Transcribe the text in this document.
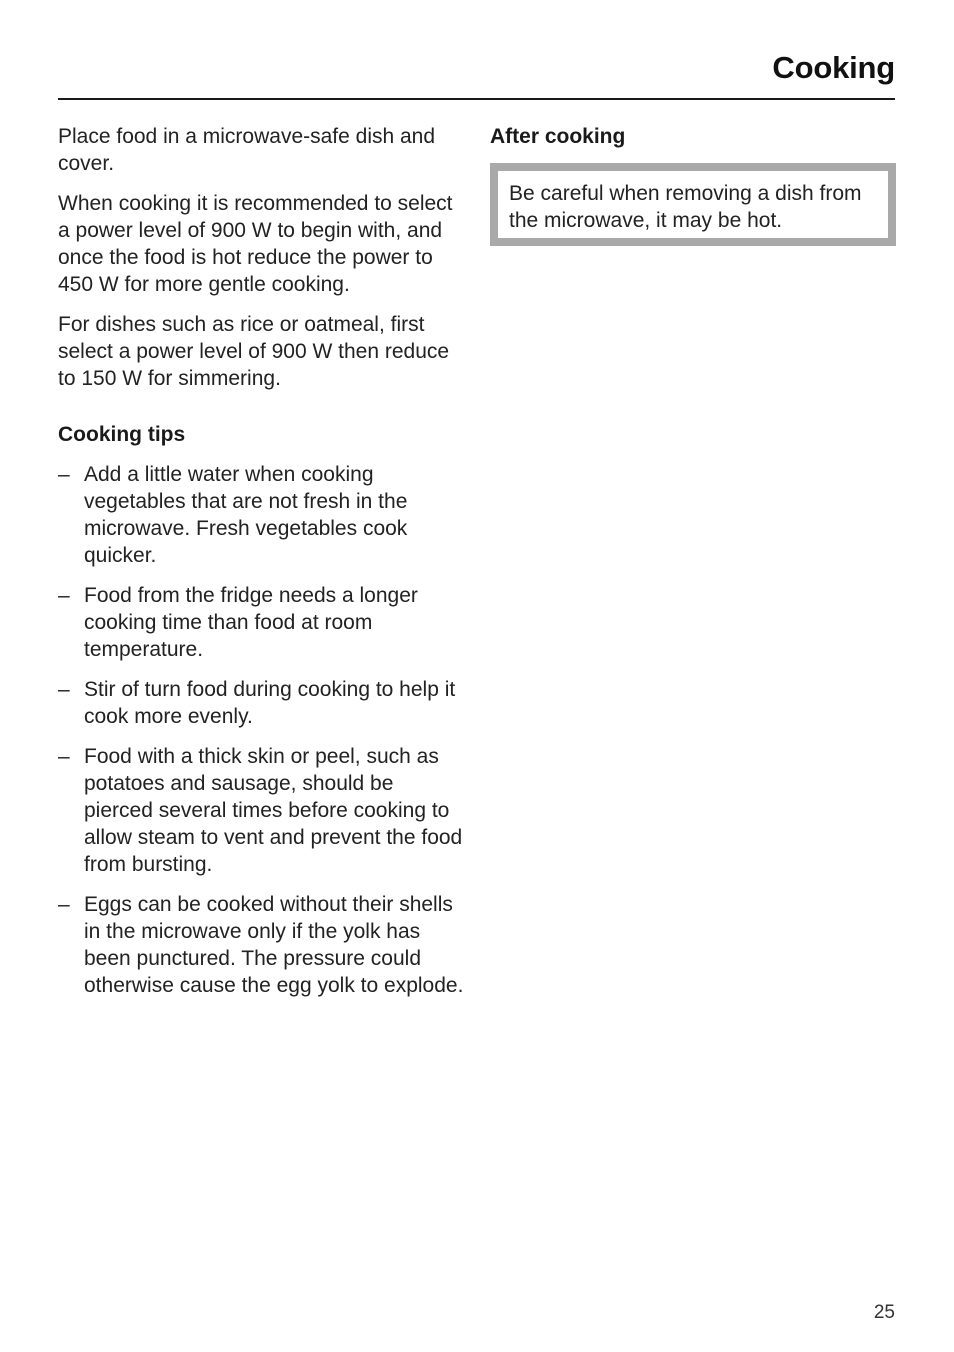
Cooking

Place food in a microwave-safe dish and cover.

When cooking it is recommended to select a power level of 900 W to begin with, and once the food is hot reduce the power to 450 W for more gentle cooking.

For dishes such as rice or oatmeal, first select a power level of 900 W then reduce to 150 W for simmering.

Cooking tips
– Add a little water when cooking vegetables that are not fresh in the microwave. Fresh vegetables cook quicker.
– Food from the fridge needs a longer cooking time than food at room temperature.
– Stir of turn food during cooking to help it cook more evenly.
– Food with a thick skin or peel, such as potatoes and sausage, should be pierced several times before cooking to allow steam to vent and prevent the food from bursting.
– Eggs can be cooked without their shells in the microwave only if the yolk has been punctured. The pressure could otherwise cause the egg yolk to explode.
After cooking
Be careful when removing a dish from the microwave, it may be hot.
25
